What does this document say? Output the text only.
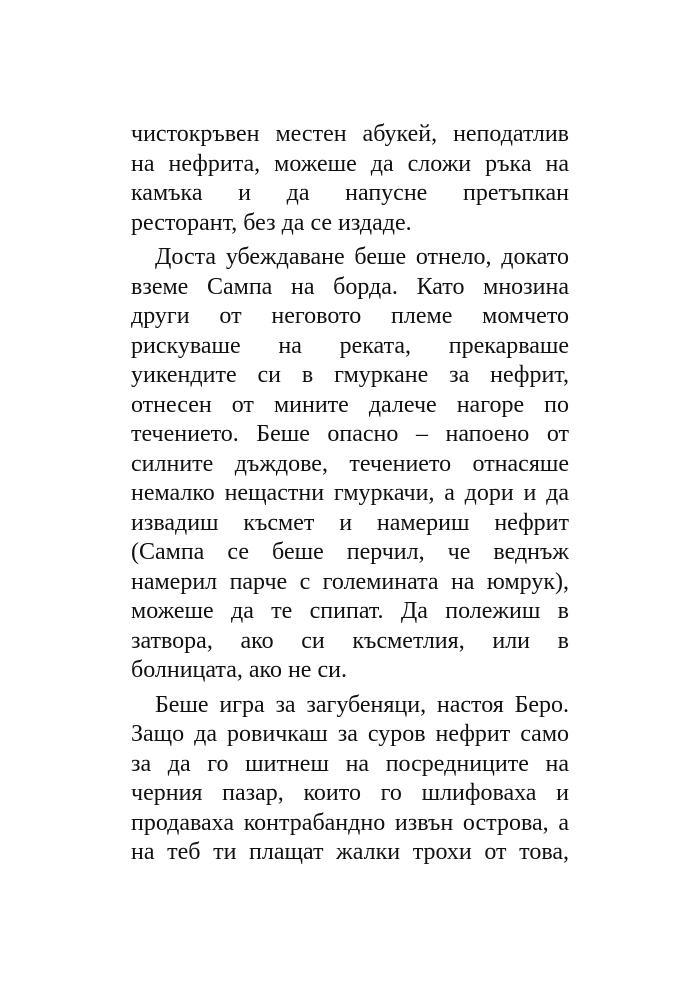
чистокръвен местен абукей, неподатлив
на нефрита, можеше да сложи ръка на
камъка и да напусне претъпкан
ресторант, без да се издаде.
Доста убеждаване беше отнело, докато
вземе Сампа на борда. Като мнозина
други от неговото племе момчето
рискуваше на реката, прекарваше
уикендите си в гмуркане за нефрит,
отнесен от мините далече нагоре по
течението. Беше опасно – напоено от
силните дъждове, течението отнасяше
немалко нещастни гмуркачи, а дори и да
извадиш късмет и намериш нефрит
(Сампа се беше перчил, че веднъж
намерил парче с големината на юмрук),
можеше да те спипат. Да полежиш в
затвора, ако си късметлия, или в
болницата, ако не си.
Беше игра за загубеняци, настоя Беро.
Защо да ровичкаш за суров нефрит само
за да го шитнеш на посредниците на
черния пазар, които го шлифоваха и
продаваха контрабандно извън острова, а
на теб ти плащат жалки трохи от това,
